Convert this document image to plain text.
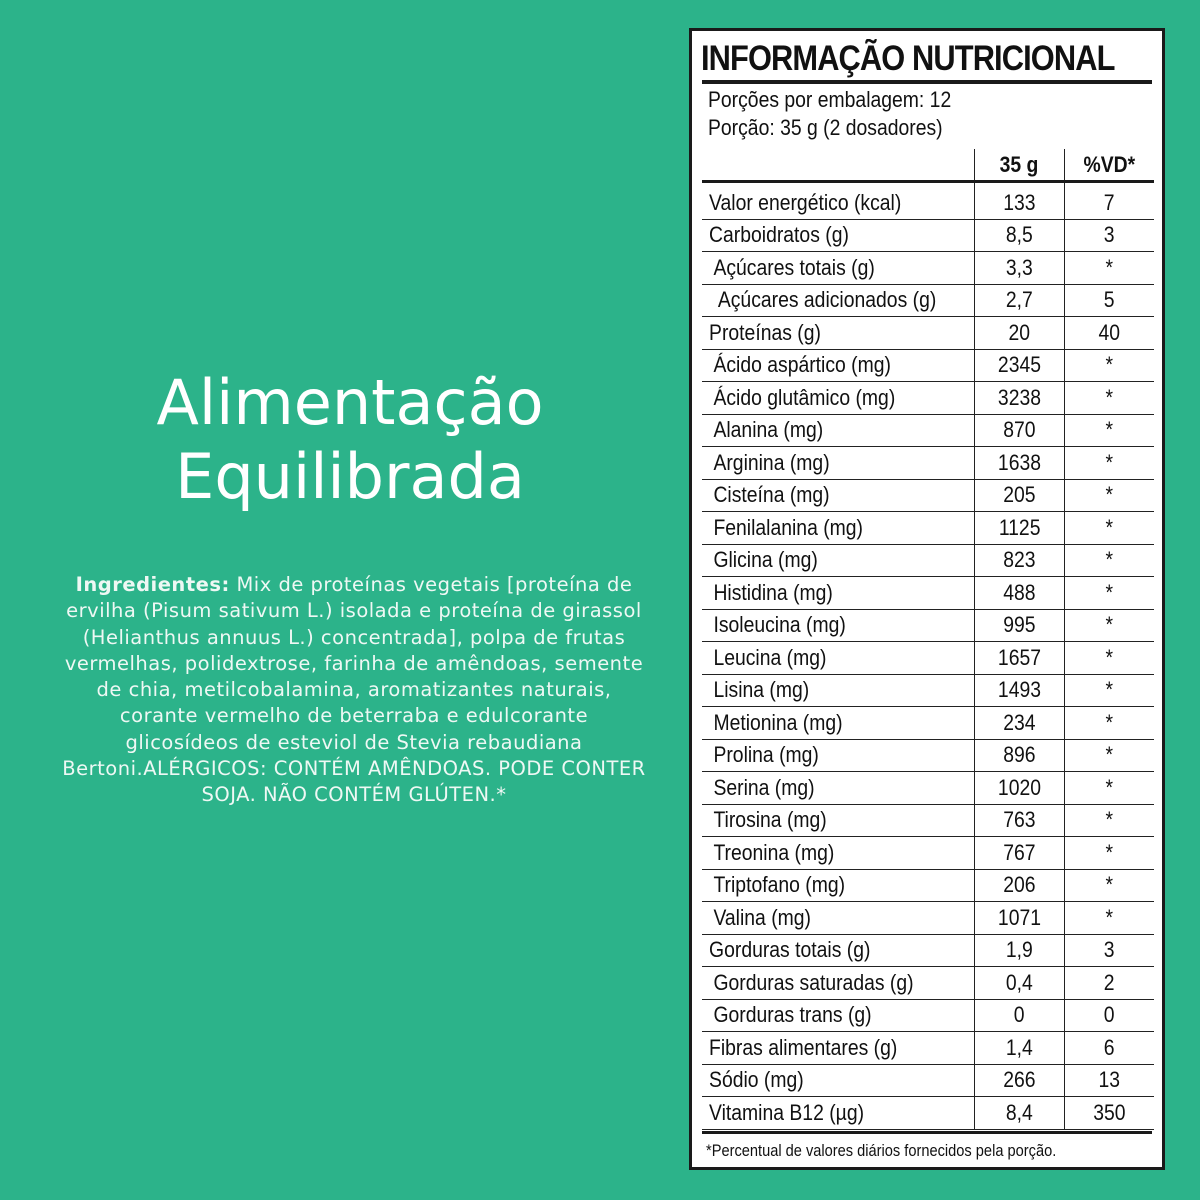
Alimentação
Equilibrada
Ingredientes: Mix de proteínas vegetais [proteína de ervilha (Pisum sativum L.) isolada e proteína de girassol (Helianthus annuus L.) concentrada], polpa de frutas vermelhas, polidextrose, farinha de amêndoas, semente de chia, metilcobalamina, aromatizantes naturais, corante vermelho de beterraba e edulcorante glicosídeos de esteviol de Stevia rebaudiana Bertoni.ALÉRGICOS: CONTÉM AMÊNDOAS. PODE CONTER SOJA. NÃO CONTÉM GLÚTEN.*
INFORMAÇÃO NUTRICIONAL
Porções por embalagem: 12
Porção: 35 g (2 dosadores)
	35 g	%VD*
Valor energético (kcal)	133	7
Carboidratos (g)	8,5	3
Açúcares totais (g)	3,3	*
Açúcares adicionados (g)	2,7	5
Proteínas (g)	20	40
Ácido aspártico (mg)	2345	*
Ácido glutâmico (mg)	3238	*
Alanina (mg)	870	*
Arginina (mg)	1638	*
Cisteína (mg)	205	*
Fenilalanina (mg)	1125	*
Glicina (mg)	823	*
Histidina (mg)	488	*
Isoleucina (mg)	995	*
Leucina (mg)	1657	*
Lisina (mg)	1493	*
Metionina (mg)	234	*
Prolina (mg)	896	*
Serina (mg)	1020	*
Tirosina (mg)	763	*
Treonina (mg)	767	*
Triptofano (mg)	206	*
Valina (mg)	1071	*
Gorduras totais (g)	1,9	3
Gorduras saturadas (g)	0,4	2
Gorduras trans (g)	0	0
Fibras alimentares (g)	1,4	6
Sódio (mg)	266	13
Vitamina B12 (µg)	8,4	350
*Percentual de valores diários fornecidos pela porção.
